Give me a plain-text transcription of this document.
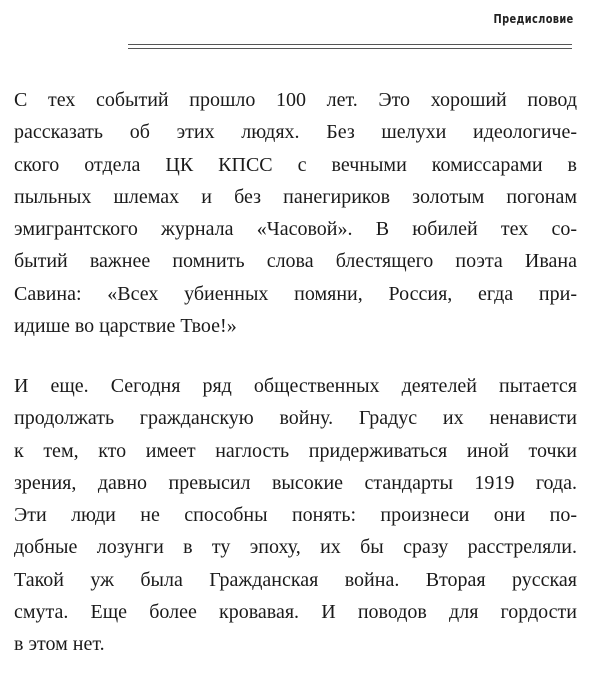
Предисловие

С тех событий прошло 100 лет. Это хороший повод
рассказать об этих людях. Без шелухи идеологиче-
ского отдела ЦК КПСС с вечными комиссарами в
пыльных шлемах и без панегириков золотым погонам
эмигрантского журнала «Часовой». В юбилей тех со-
бытий важнее помнить слова блестящего поэта Ивана
Савина: «Всех убиенных помяни, Россия, егда при-
идише во царствие Твое!»

И еще. Сегодня ряд общественных деятелей пытается
продолжать гражданскую войну. Градус их ненависти
к тем, кто имеет наглость придерживаться иной точки
зрения, давно превысил высокие стандарты 1919 года.
Эти люди не способны понять: произнеси они по-
добные лозунги в ту эпоху, их бы сразу расстреляли.
Такой уж была Гражданская война. Вторая русская
смута. Еще более кровавая. И поводов для гордости
в этом нет.
